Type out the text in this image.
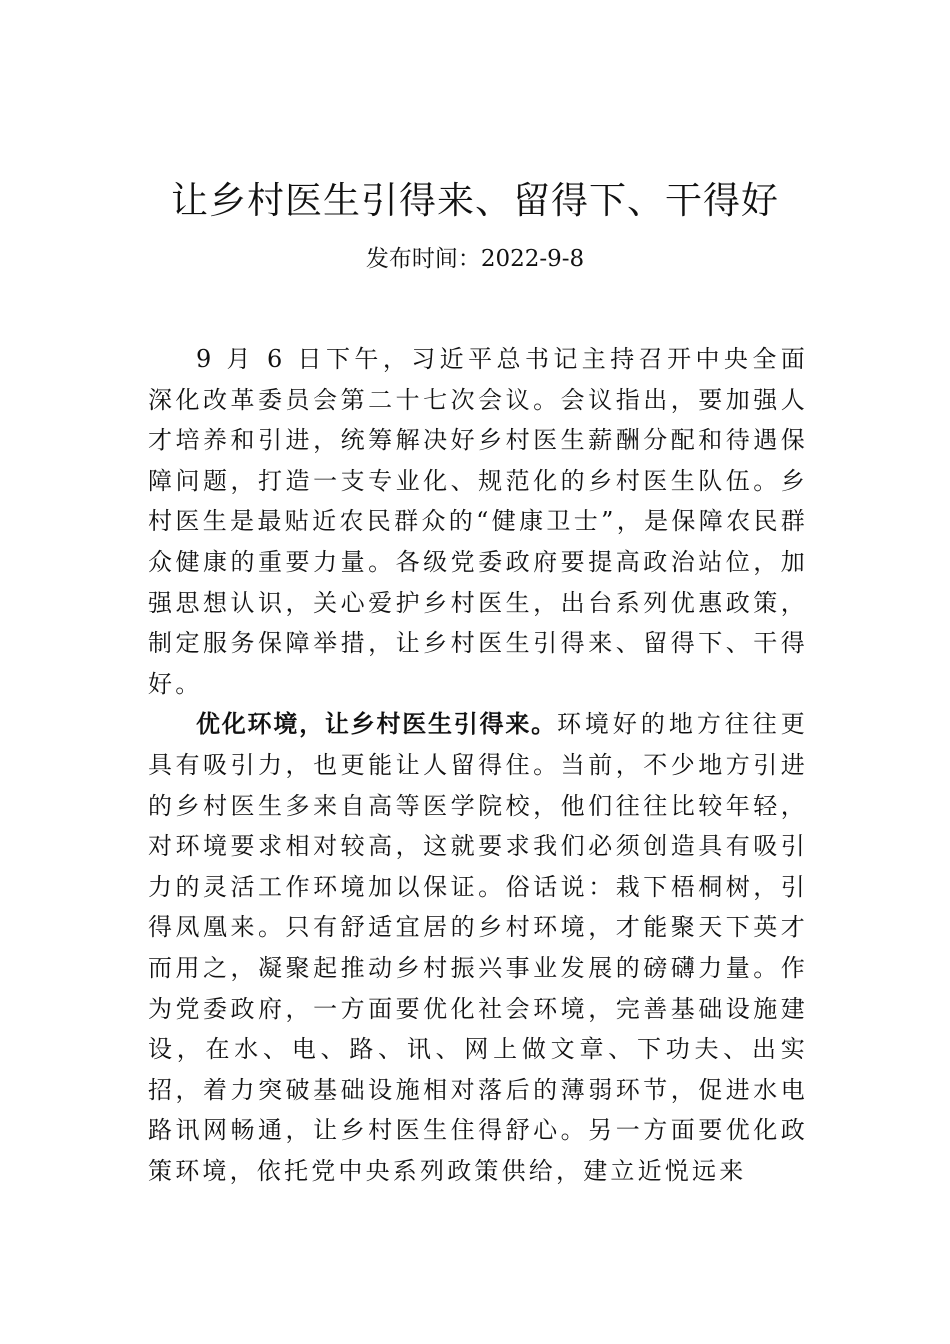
让乡村医生引得来、留得下、干得好
发布时间：2022-9-8

9 月 6 日下午，习近平总书记主持召开中央全面深化改革委员会第二十七次会议。会议指出，要加强人才培养和引进，统筹解决好乡村医生薪酬分配和待遇保障问题，打造一支专业化、规范化的乡村医生队伍。乡村医生是最贴近农民群众的“健康卫士”，是保障农民群众健康的重要力量。各级党委政府要提高政治站位，加强思想认识，关心爱护乡村医生，出台系列优惠政策，制定服务保障举措，让乡村医生引得来、留得下、干得好。

优化环境，让乡村医生引得来。环境好的地方往往更具有吸引力，也更能让人留得住。当前，不少地方引进的乡村医生多来自高等医学院校，他们往往比较年轻，对环境要求相对较高，这就要求我们必须创造具有吸引力的灵活工作环境加以保证。俗话说：栽下梧桐树，引得凤凰来。只有舒适宜居的乡村环境，才能聚天下英才而用之，凝聚起推动乡村振兴事业发展的磅礴力量。作为党委政府，一方面要优化社会环境，完善基础设施建设，在水、电、路、讯、网上做文章、下功夫、出实招，着力突破基础设施相对落后的薄弱环节，促进水电路讯网畅通，让乡村医生住得舒心。另一方面要优化政策环境，依托党中央系列政策供给，建立近悦远来
